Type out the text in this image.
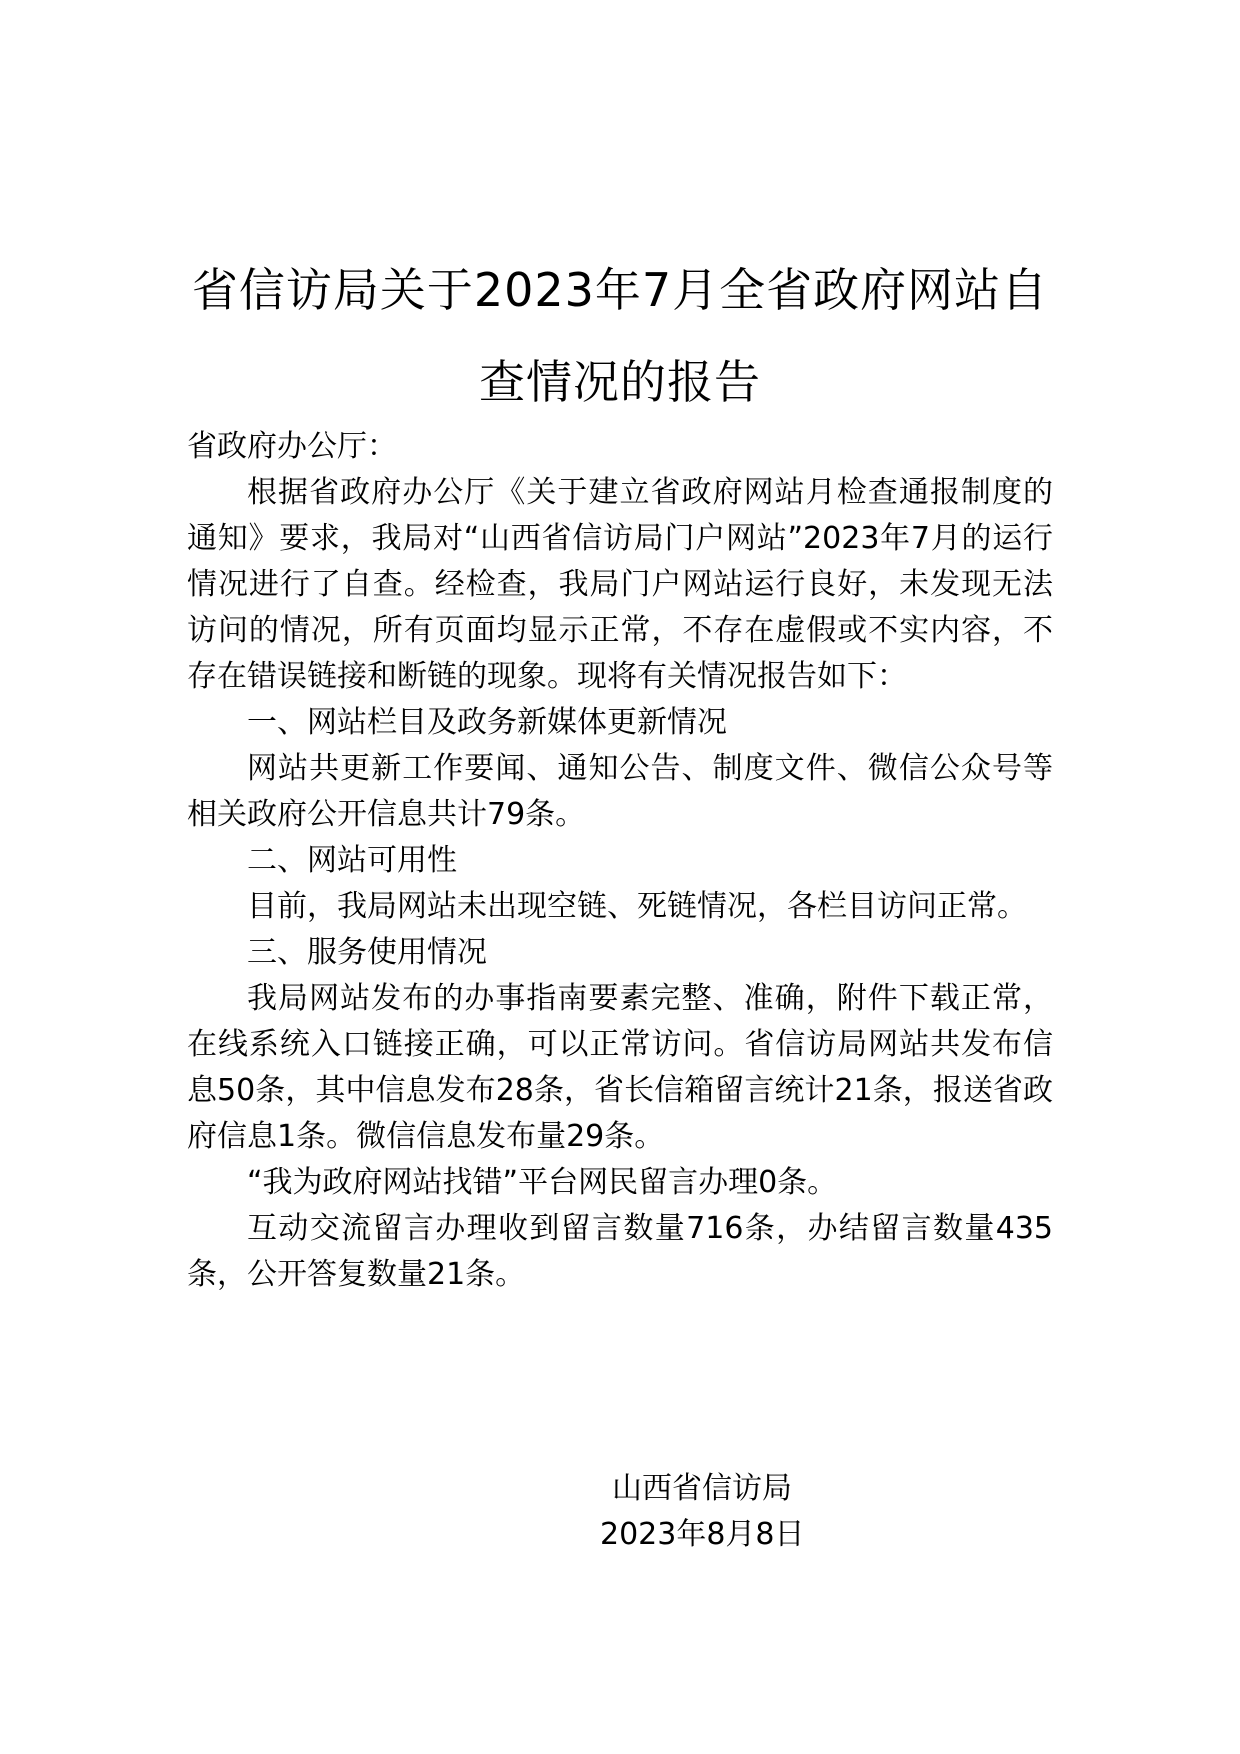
省信访局关于2023年7月全省政府网站自
查情况的报告

省政府办公厅：

根据省政府办公厅《关于建立省政府网站月检查通报制度的通知》要求，我局对“山西省信访局门户网站”2023年7月的运行情况进行了自查。经检查，我局门户网站运行良好，未发现无法访问的情况，所有页面均显示正常，不存在虚假或不实内容，不存在错误链接和断链的现象。现将有关情况报告如下：

一、网站栏目及政务新媒体更新情况

网站共更新工作要闻、通知公告、制度文件、微信公众号等相关政府公开信息共计79条。

二、网站可用性

目前，我局网站未出现空链、死链情况，各栏目访问正常。

三、服务使用情况

我局网站发布的办事指南要素完整、准确，附件下载正常，在线系统入口链接正确，可以正常访问。省信访局网站共发布信息50条，其中信息发布28条，省长信箱留言统计21条，报送省政府信息1条。微信信息发布量29条。

“我为政府网站找错”平台网民留言办理0条。

互动交流留言办理收到留言数量716条，办结留言数量435条，公开答复数量21条。

山西省信访局
2023年8月8日
